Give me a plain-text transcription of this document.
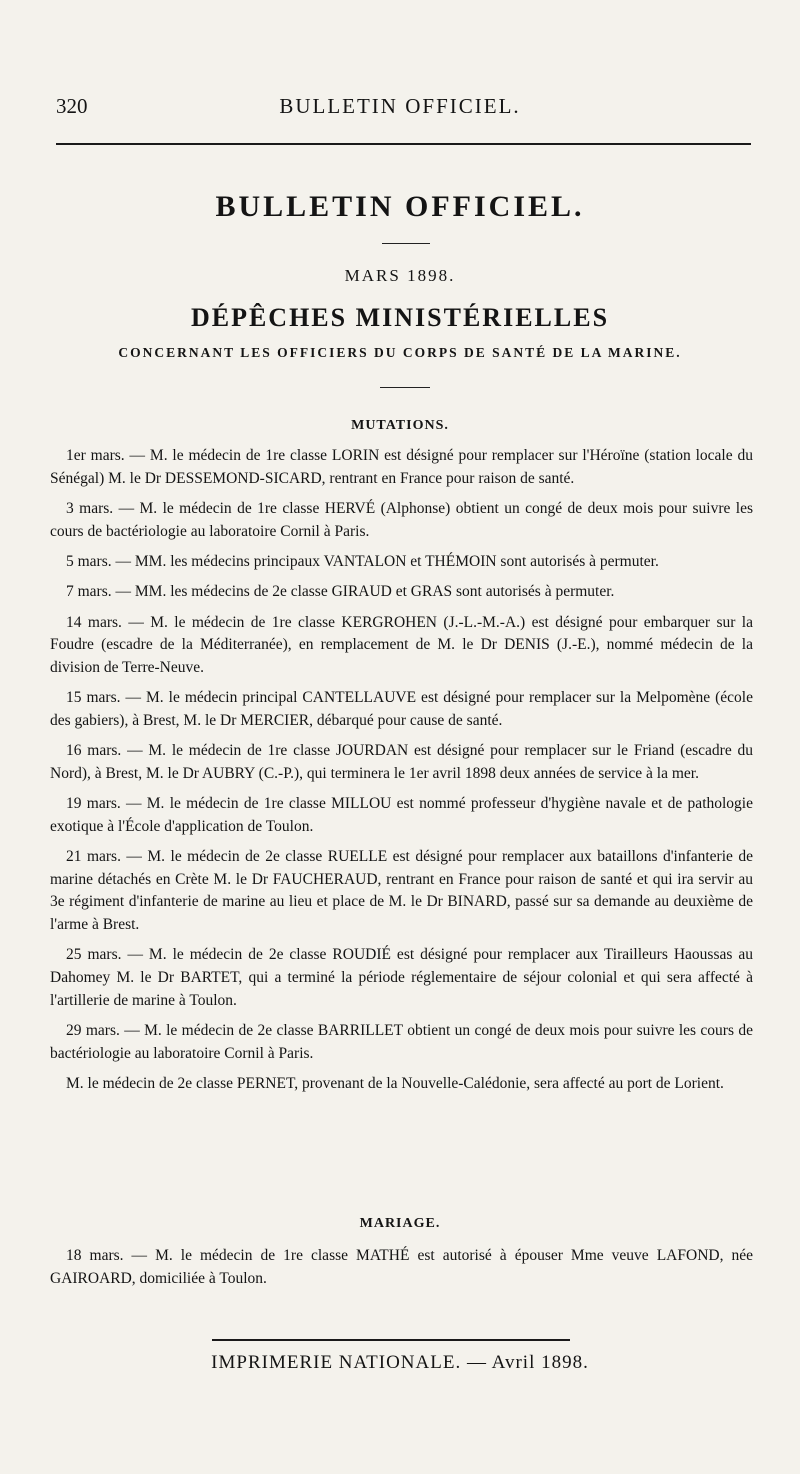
320	BULLETIN OFFICIEL.
BULLETIN OFFICIEL.
MARS 1898.
DÉPÊCHES MINISTÉRIELLES
CONCERNANT LES OFFICIERS DU CORPS DE SANTÉ DE LA MARINE.
MUTATIONS.

1er mars. — M. le médecin de 1re classe LORIN est désigné pour remplacer sur l'Héroïne (station locale du Sénégal) M. le Dr DESSEMOND-SICARD, rentrant en France pour raison de santé.

3 mars. — M. le médecin de 1re classe HERVÉ (Alphonse) obtient un congé de deux mois pour suivre les cours de bactériologie au laboratoire Cornil à Paris.

5 mars. — MM. les médecins principaux VANTALON et THÉMOIN sont autorisés à permuter.

7 mars. — MM. les médecins de 2e classe GIRAUD et GRAS sont autorisés à permuter.

14 mars. — M. le médecin de 1re classe KERGROHEN (J.-L.-M.-A.) est désigné pour embarquer sur la Foudre (escadre de la Méditerranée), en remplacement de M. le Dr DENIS (J.-E.), nommé médecin de la division de Terre-Neuve.

15 mars. — M. le médecin principal CANTELLAUVE est désigné pour remplacer sur la Melpomène (école des gabiers), à Brest, M. le Dr MERCIER, débarqué pour cause de santé.

16 mars. — M. le médecin de 1re classe JOURDAN est désigné pour remplacer sur le Friand (escadre du Nord), à Brest, M. le Dr AUBRY (C.-P.), qui terminera le 1er avril 1898 deux années de service à la mer.

19 mars. — M. le médecin de 1re classe MILLOU est nommé professeur d'hygiène navale et de pathologie exotique à l'École d'application de Toulon.

21 mars. — M. le médecin de 2e classe RUELLE est désigné pour remplacer aux bataillons d'infanterie de marine détachés en Crète M. le Dr FAUCHERAUD, rentrant en France pour raison de santé et qui ira servir au 3e régiment d'infanterie de marine au lieu et place de M. le Dr BINARD, passé sur sa demande au deuxième de l'arme à Brest.

25 mars. — M. le médecin de 2e classe ROUDIÉ est désigné pour remplacer aux Tirailleurs Haoussas au Dahomey M. le Dr BARTET, qui a terminé la période réglementaire de séjour colonial et qui sera affecté à l'artillerie de marine à Toulon.

29 mars. — M. le médecin de 2e classe BARRILLET obtient un congé de deux mois pour suivre les cours de bactériologie au laboratoire Cornil à Paris.

M. le médecin de 2e classe PERNET, provenant de la Nouvelle-Calédonie, sera affecté au port de Lorient.

MARIAGE.

18 mars. — M. le médecin de 1re classe MATHÉ est autorisé à épouser Mme veuve LAFOND, née GAIROARD, domiciliée à Toulon.

IMPRIMERIE NATIONALE. — Avril 1898.
